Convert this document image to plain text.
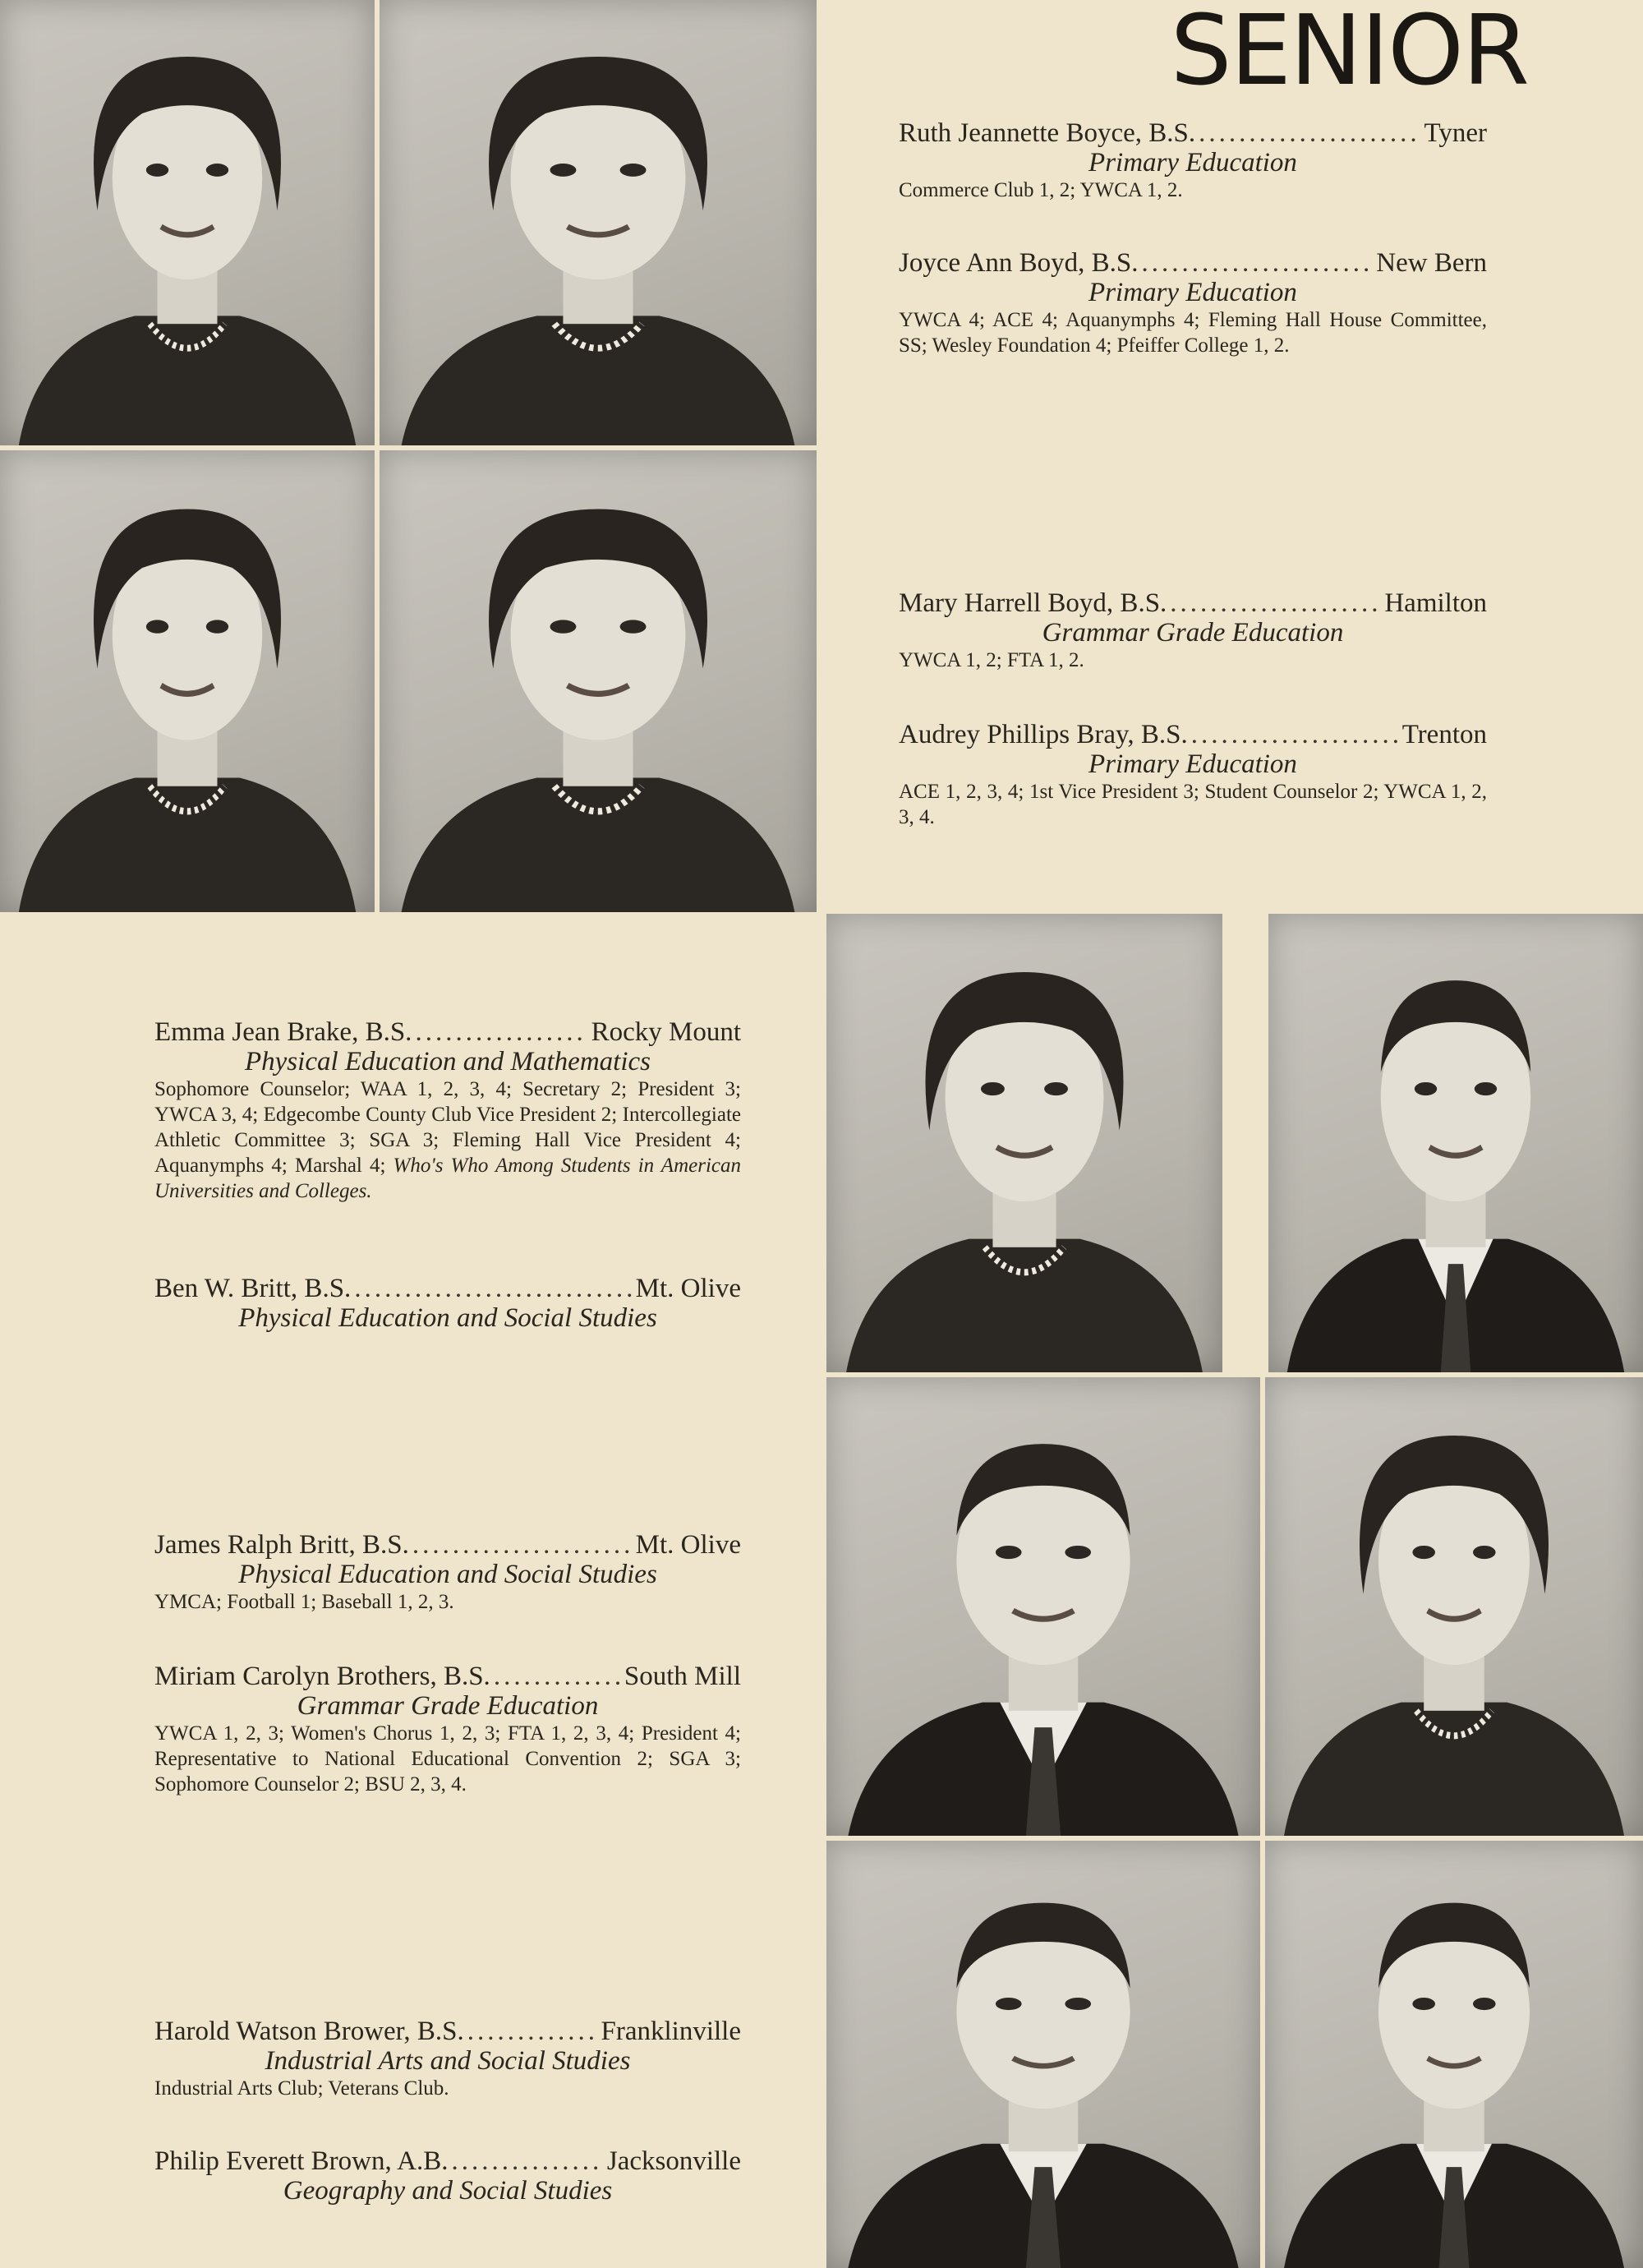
SENIOR
Ruth Jeannette Boyce, B.S. .....	Tyner
Primary Education
Commerce Club 1, 2; YWCA 1, 2.
Joyce Ann Boyd, B.S. .....	New Bern
Primary Education
YWCA 4; ACE 4; Aquanymphs 4; Fleming Hall House Committee, SS; Wesley Foundation 4; Pfeiffer College 1, 2.
Mary Harrell Boyd, B.S. .....	Hamilton
Grammar Grade Education
YWCA 1, 2; FTA 1, 2.
Audrey Phillips Bray, B.S. .....	Trenton
Primary Education
ACE 1, 2, 3, 4; 1st Vice President 3; Student Counselor 2; YWCA 1, 2, 3, 4.
Emma Jean Brake, B.S. .....	Rocky Mount
Physical Education and Mathematics
Sophomore Counselor; WAA 1, 2, 3, 4; Secretary 2; President 3; YWCA 3, 4; Edgecombe County Club Vice President 2; Intercollegiate Athletic Committee 3; SGA 3; Fleming Hall Vice President 4; Aquanymphs 4; Marshal 4; Who's Who Among Students in American Universities and Colleges.
Ben W. Britt, B.S. .....	Mt. Olive
Physical Education and Social Studies
James Ralph Britt, B.S. .....	Mt. Olive
Physical Education and Social Studies
YMCA; Football 1; Baseball 1, 2, 3.
Miriam Carolyn Brothers, B.S. .....	South Mill
Grammar Grade Education
YWCA 1, 2, 3; Women's Chorus 1, 2, 3; FTA 1, 2, 3, 4; President 4; Representative to National Educational Convention 2; SGA 3; Sophomore Counselor 2; BSU 2, 3, 4.
Harold Watson Brower, B.S. .....	Franklinville
Industrial Arts and Social Studies
Industrial Arts Club; Veterans Club.
Philip Everett Brown, A.B. .....	Jacksonville
Geography and Social Studies
